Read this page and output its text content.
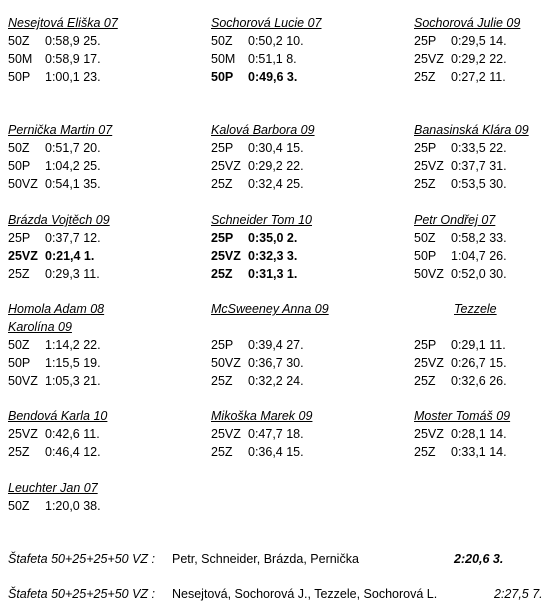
Nesejtová Eliška 07
50Z 0:58,9 25.
50M 0:58,9 17.
50P 1:00,1 23.
Sochorová Lucie 07
50Z 0:50,2 10.
50M 0:51,1 8.
50P 0:49,6 3.
Sochorová Julie 09
25P 0:29,5 14.
25VZ 0:29,2 22.
25Z 0:27,2 11.
Pernička Martin 07
50Z 0:51,7 20.
50P 1:04,2 25.
50VZ 0:54,1 35.
Kalová Barbora 09
25P 0:30,4 15.
25VZ 0:29,2 22.
25Z 0:32,4 25.
Banasinská Klára 09
25P 0:33,5 22.
25VZ 0:37,7 31.
25Z 0:53,5 30.
Brázda Vojtěch 09
25P 0:37,7 12.
25VZ 0:21,4 1.
25Z 0:29,3 11.
Schneider Tom 10
25P 0:35,0 2.
25VZ 0:32,3 3.
25Z 0:31,3 1.
Petr Ondřej 07
50Z 0:58,2 33.
50P 1:04,7 26.
50VZ 0:52,0 30.
Homola Adam 08
Karolína 09
50Z 1:14,2 22.
50P 1:15,5 19.
50VZ 1:05,3 21.
McSweeney Anna 09
25P 0:39,4 27.
50VZ 0:36,7 30.
25Z 0:32,2 24.
Tezzele
25P 0:29,1 11.
25VZ 0:26,7 15.
25Z 0:32,6 26.
Bendová Karla 10
25VZ 0:42,6 11.
25Z 0:46,4 12.
Mikoška Marek 09
25VZ 0:47,7 18.
25Z 0:36,4 15.
Moster Tomáš 09
25VZ 0:28,1 14.
25Z 0:33,1 14.
Leuchter Jan 07
50Z 1:20,0 38.
Štafeta 50+25+25+50 VZ : Petr, Schneider, Brázda, Pernička	2:20,6 3.
Štafeta 50+25+25+50 VZ : Nesejtová, Sochorová J., Tezzele, Sochorová L.	2:27,5 7.
